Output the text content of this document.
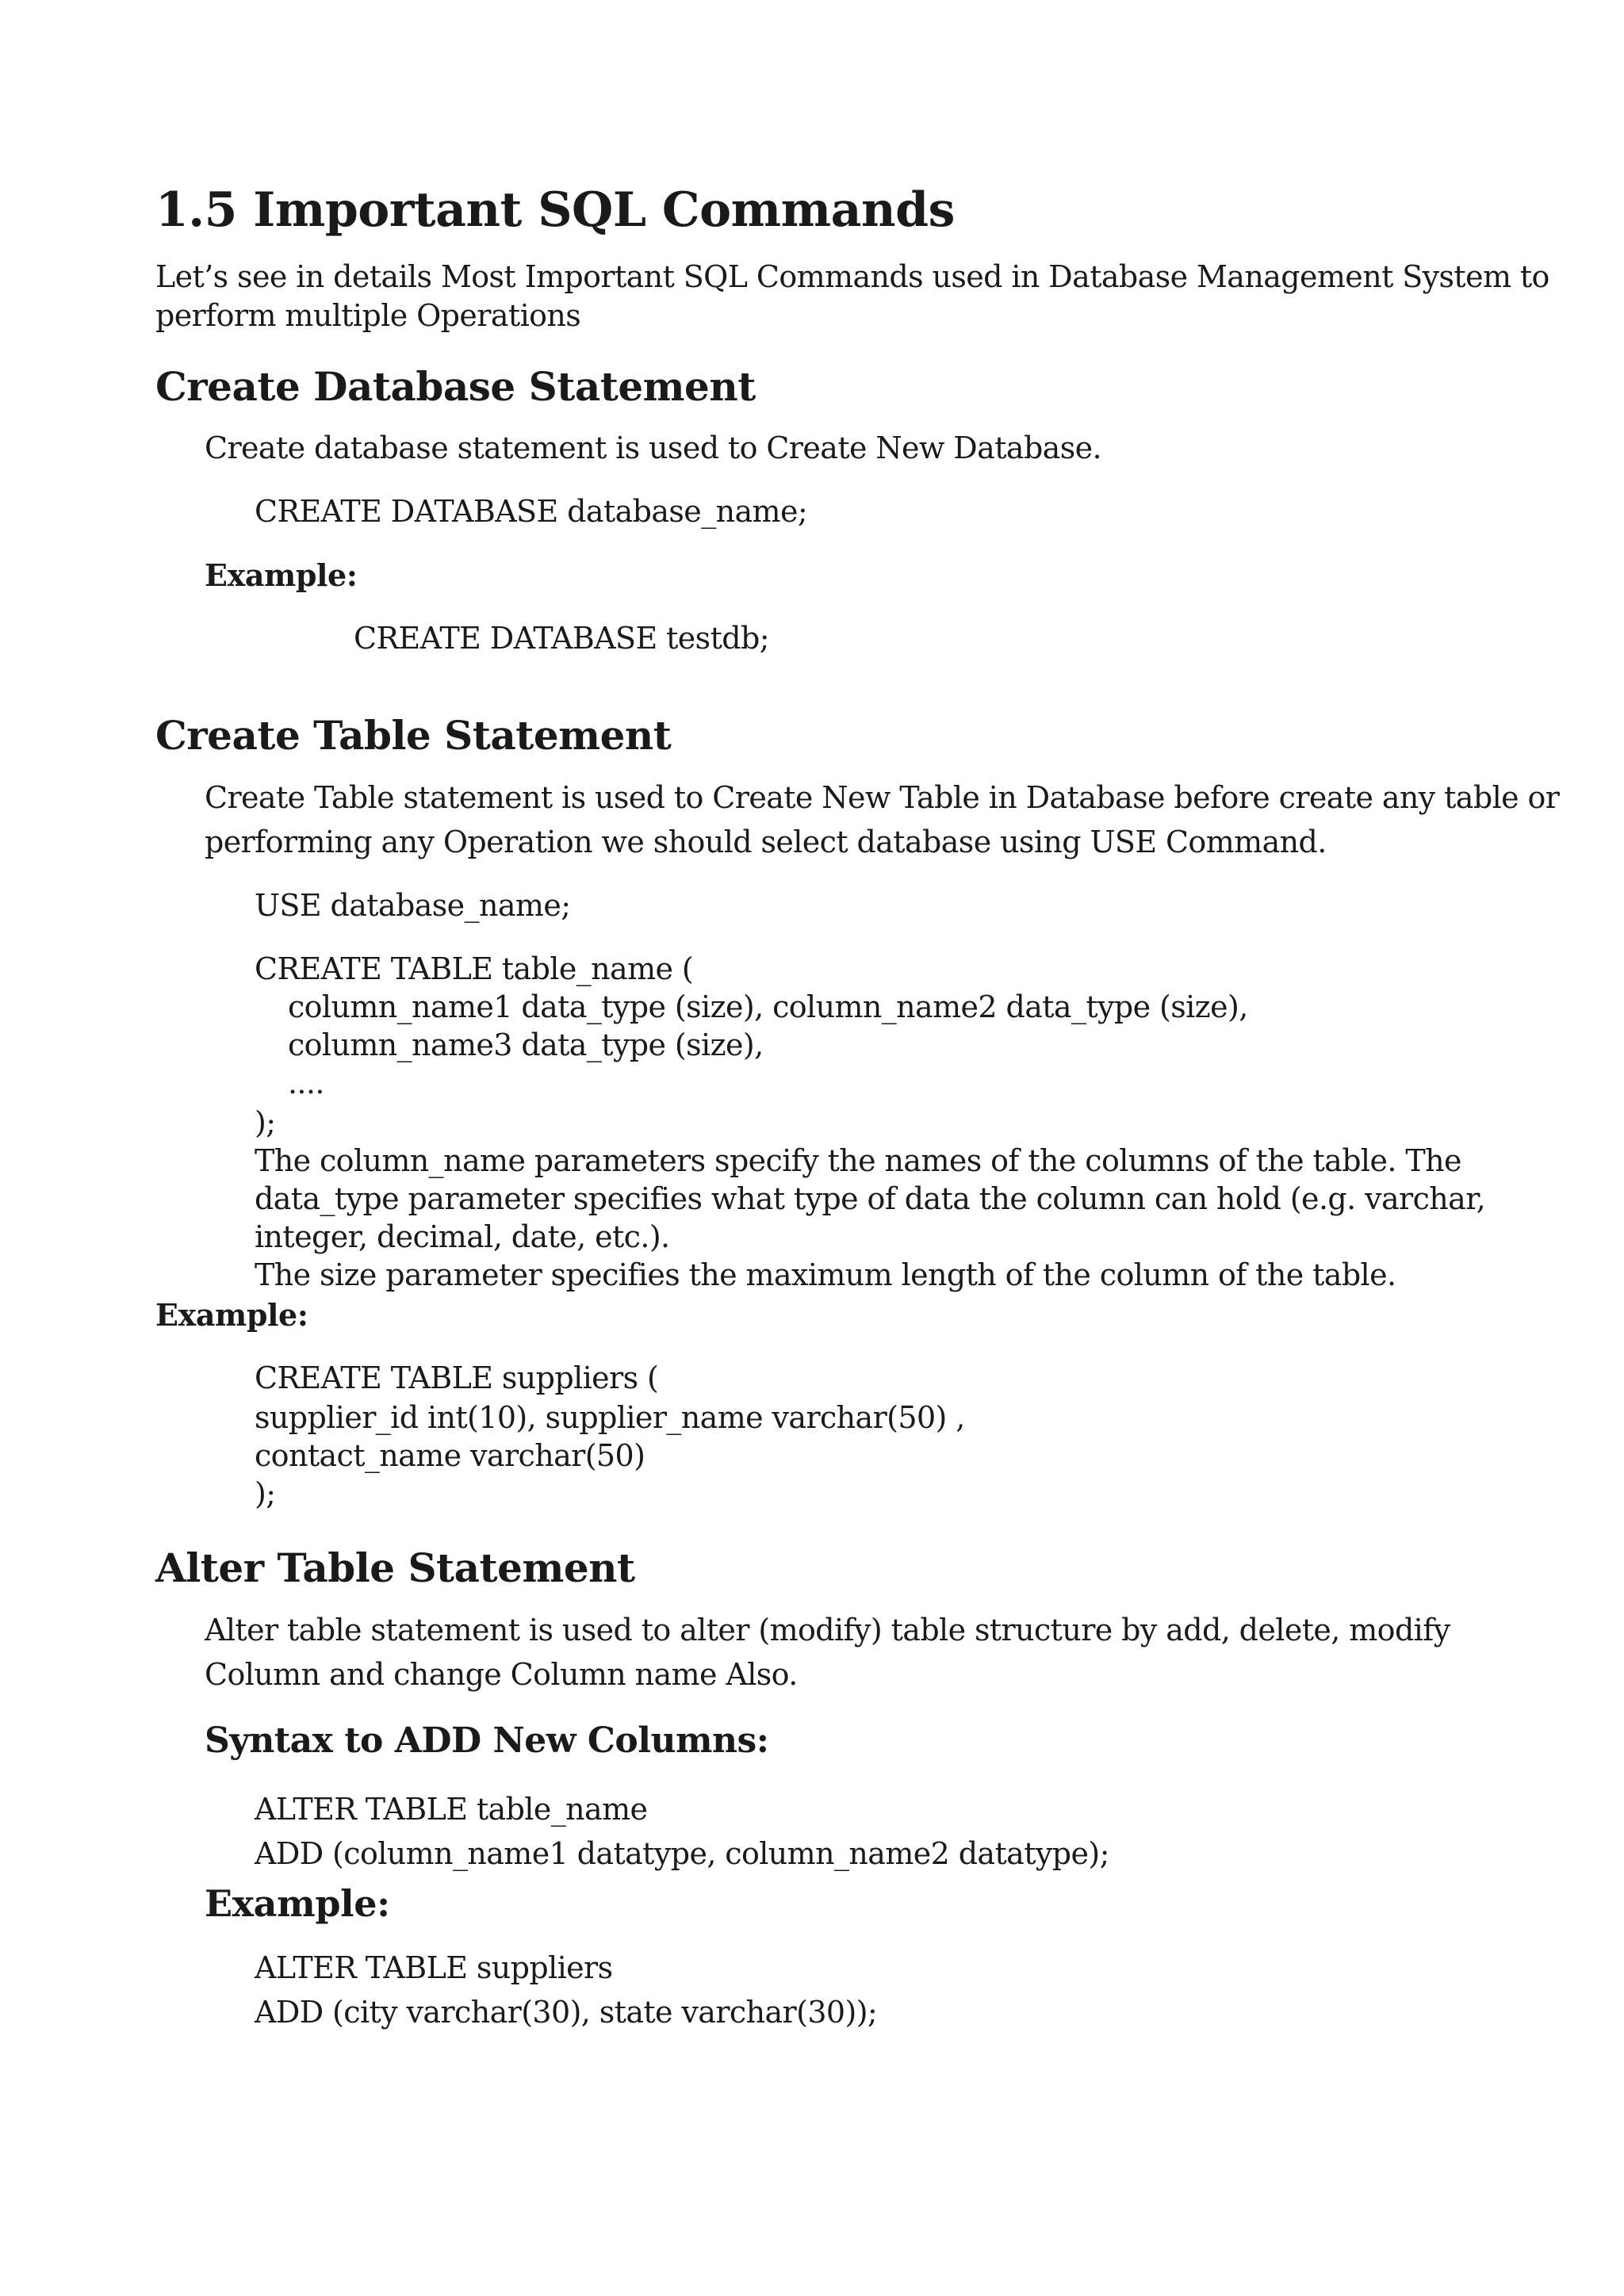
1.5 Important SQL Commands
Let’s see in details Most Important SQL Commands used in Database Management System to
perform multiple Operations
Create Database Statement
Create database statement is used to Create New Database.
CREATE DATABASE database_name;
Example:
CREATE DATABASE testdb;
Create Table Statement
Create Table statement is used to Create New Table in Database before create any table or
performing any Operation we should select database using USE Command.
USE database_name;
CREATE TABLE table_name (
column_name1 data_type (size), column_name2 data_type (size),
column_name3 data_type (size),
....
);
The column_name parameters specify the names of the columns of the table. The
data_type parameter specifies what type of data the column can hold (e.g. varchar,
integer, decimal, date, etc.).
The size parameter specifies the maximum length of the column of the table.
Example:
CREATE TABLE suppliers (
supplier_id int(10), supplier_name varchar(50) ,
contact_name varchar(50)
);
Alter Table Statement
Alter table statement is used to alter (modify) table structure by add, delete, modify
Column and change Column name Also.
Syntax to ADD New Columns:
ALTER TABLE table_name
ADD (column_name1 datatype, column_name2 datatype);
Example:
ALTER TABLE suppliers
ADD (city varchar(30), state varchar(30));
